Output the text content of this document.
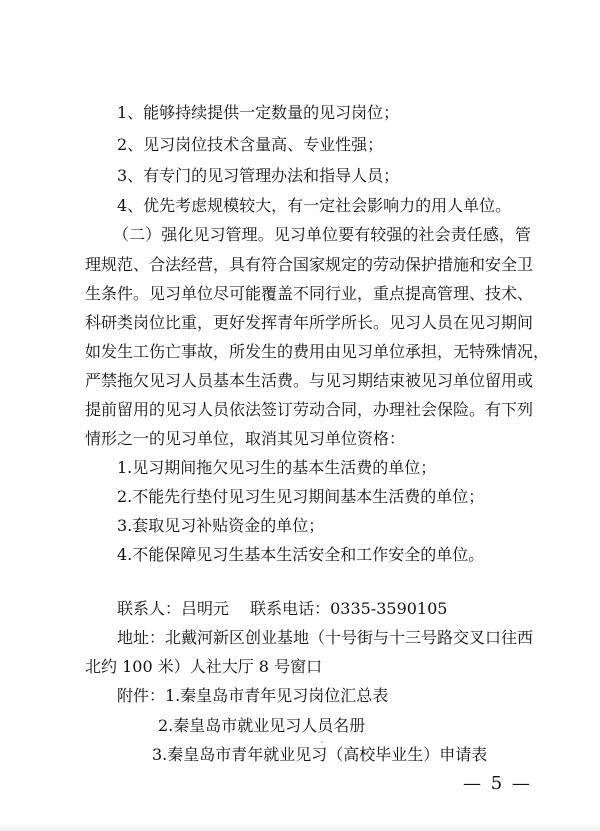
1、能够持续提供一定数量的见习岗位；
2、见习岗位技术含量高、专业性强；
3、有专门的见习管理办法和指导人员；
4、优先考虑规模较大，有一定社会影响力的用人单位。
（二）强化见习管理。见习单位要有较强的社会责任感，管
理规范、合法经营，具有符合国家规定的劳动保护措施和安全卫
生条件。见习单位尽可能覆盖不同行业，重点提高管理、技术、
科研类岗位比重，更好发挥青年所学所长。见习人员在见习期间
如发生工伤亡事故，所发生的费用由见习单位承担，无特殊情况，
严禁拖欠见习人员基本生活费。与见习期结束被见习单位留用或
提前留用的见习人员依法签订劳动合同，办理社会保险。有下列
情形之一的见习单位，取消其见习单位资格：
1.见习期间拖欠见习生的基本生活费的单位；
2.不能先行垫付见习生见习期间基本生活费的单位；
3.套取见习补贴资金的单位；
4.不能保障见习生基本生活安全和工作安全的单位。
联系人：吕明元　 联系电话：0335-3590105
地址：北戴河新区创业基地（十号街与十三号路交叉口往西
北约 100 米）人社大厅 8 号窗口
附件：1.秦皇岛市青年见习岗位汇总表
2.秦皇岛市就业见习人员名册
3.秦皇岛市青年就业见习（高校毕业生）申请表
— 5 —
